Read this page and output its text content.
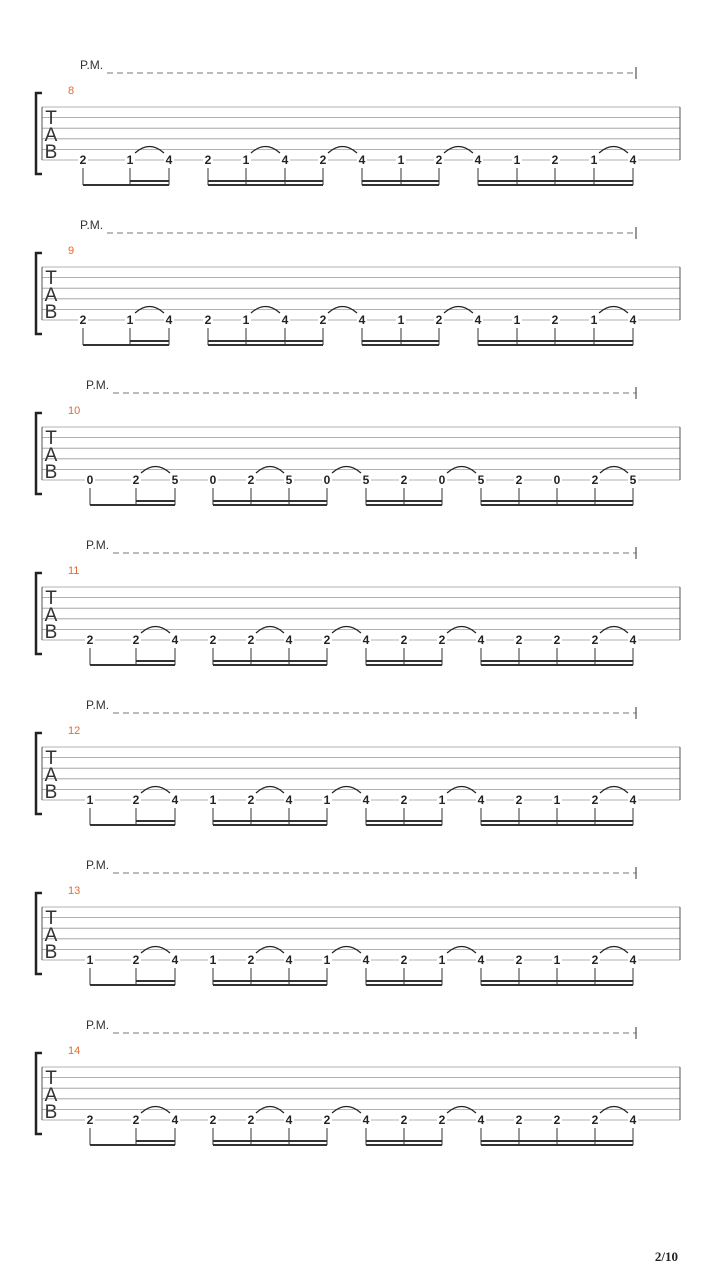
P.M.
8
T
A
B 2	1	4	2	1	4	2	4	1	2	4	1	2	1	4
P.M.
9
T
A
B 2	1	4	2	1	4	2	4	1	2	4	1	2	1	4
P.M.
10
T
A
B 0	2	5	0	2	5	0	5	2	0	5	2	0	2	5
P.M.
11
T
A
B 2	2	4	2	2	4	2	4	2	2	4	2	2	2	4
P.M.
12
T
A
B 1	2	4	1	2	4	1	4	2	1	4	2	1	2	4
P.M.
13
T
A
B 1	2	4	1	2	4	1	4	2	1	4	2	1	2	4
P.M.
14
T
A
B 2	2	4	2	2	4	2	4	2	2	4	2	2	2	4
2/10
